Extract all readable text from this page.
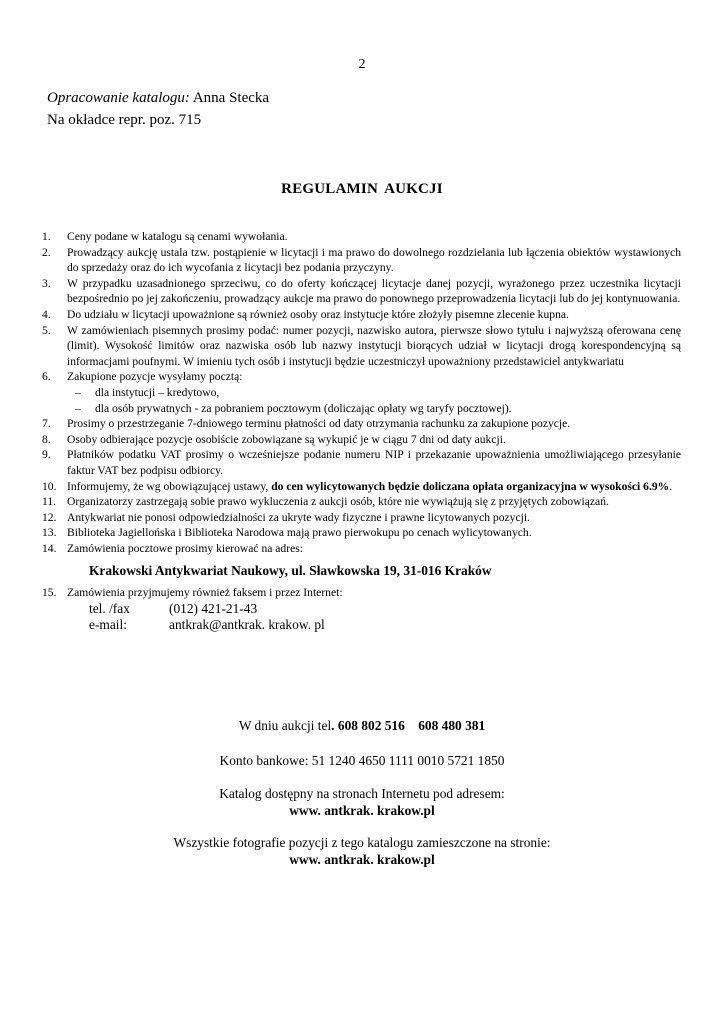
2
Opracowanie katalogu: Anna Stecka
Na okładce repr. poz. 715
REGULAMIN AUKCJI
1.	Ceny podane w katalogu są cenami wywołania.
2.	Prowadzący aukcję ustala tzw. postąpienie w licytacji i ma prawo do dowolnego rozdzielania lub łączenia obiektów wystawionych do sprzedaży oraz do ich wycofania z licytacji bez podania przyczyny.
3.	W przypadku uzasadnionego sprzeciwu, co do oferty kończącej licytacje danej pozycji, wyrażonego przez uczestnika licytacji bezpośrednio po jej zakończeniu, prowadzący aukcje ma prawo do ponownego przeprowadzenia licytacji lub do jej kontynuowania.
4.	Do udziału w licytacji upoważnione są również osoby oraz instytucje które złożyły pisemne zlecenie kupna.
5.	W zamówieniach pisemnych prosimy podać: numer pozycji, nazwisko autora, pierwsze słowo tytułu i najwyższą oferowana cenę (limit). Wysokość limitów oraz nazwiska osób lub nazwy instytucji biorących udział w licytacji drogą korespondencyjną są informacjami poufnymi. W imieniu tych osób i instytucji będzie uczestniczył upoważniony przedstawiciel antykwariatu
6.	Zakupione pozycje wysyłamy pocztą:
– dla instytucji – kredytowo,
– dla osób prywatnych - za pobraniem pocztowym (doliczając opłaty wg taryfy pocztowej).
7.	Prosimy o przestrzeganie 7-dniowego terminu płatności od daty otrzymania rachunku za zakupione pozycje.
8.	Osoby odbierające pozycje osobiście zobowiązane są wykupić je w ciągu 7 dni od daty aukcji.
9.	Płatników podatku VAT prosimy o wcześniejsze podanie numeru NIP i przekazanie upoważnienia umożliwiającego przesyłanie faktur VAT bez podpisu odbiorcy.
10. Informujemy, że wg obowiązującej ustawy, do cen wylicytowanych będzie doliczana opłata organizacyjna w wysokości 6.9%.
11. Organizatorzy zastrzegają sobie prawo wykluczenia z aukcji osób, które nie wywiążują się z przyjętych zobowiązań.
12. Antykwariat nie ponosi odpowiedzialności za ukryte wady fizyczne i prawne licytowanych pozycji.
13. Biblioteka Jagiellońska i Biblioteka Narodowa mają prawo pierwokupu po cenach wylicytowanych.
14. Zamówienia pocztowe prosimy kierować na adres:
Krakowski Antykwariat Naukowy, ul. Sławkowska 19, 31-016 Kraków
15. Zamówienia przyjmujemy również faksem i przez Internet:
tel. /fax	(012) 421-21-43
e-mail:	antkrak@antkrak. krakow. pl
W dniu aukcji tel. 608 802 516    608 480 381
Konto bankowe: 51 1240 4650 1111 0010 5721 1850
Katalog dostępny na stronach Internetu pod adresem:
www. antkrak. krakow.pl
Wszystkie fotografie pozycji z tego katalogu zamieszczone na stronie:
www. antkrak. krakow.pl
